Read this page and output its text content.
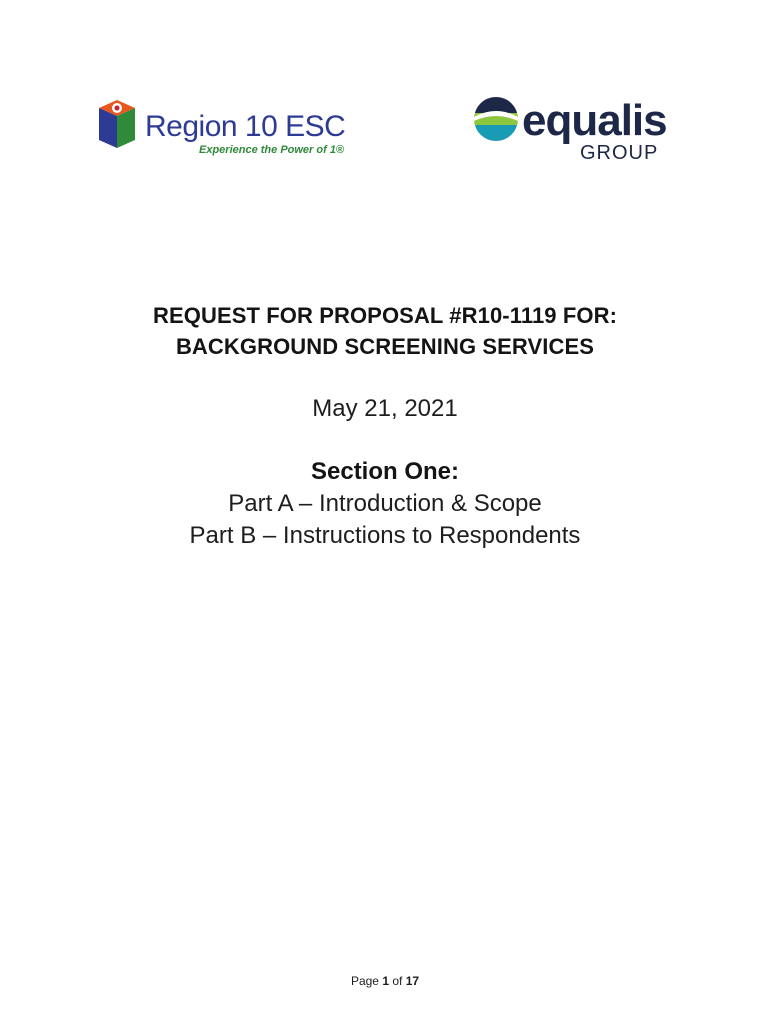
Region 10 ESC
Experience the Power of 1®
equalis
GROUP
REQUEST FOR PROPOSAL #R10-1119 FOR:
BACKGROUND SCREENING SERVICES
May 21, 2021
Section One:
Part A – Introduction & Scope
Part B – Instructions to Respondents
Page 1 of 17
